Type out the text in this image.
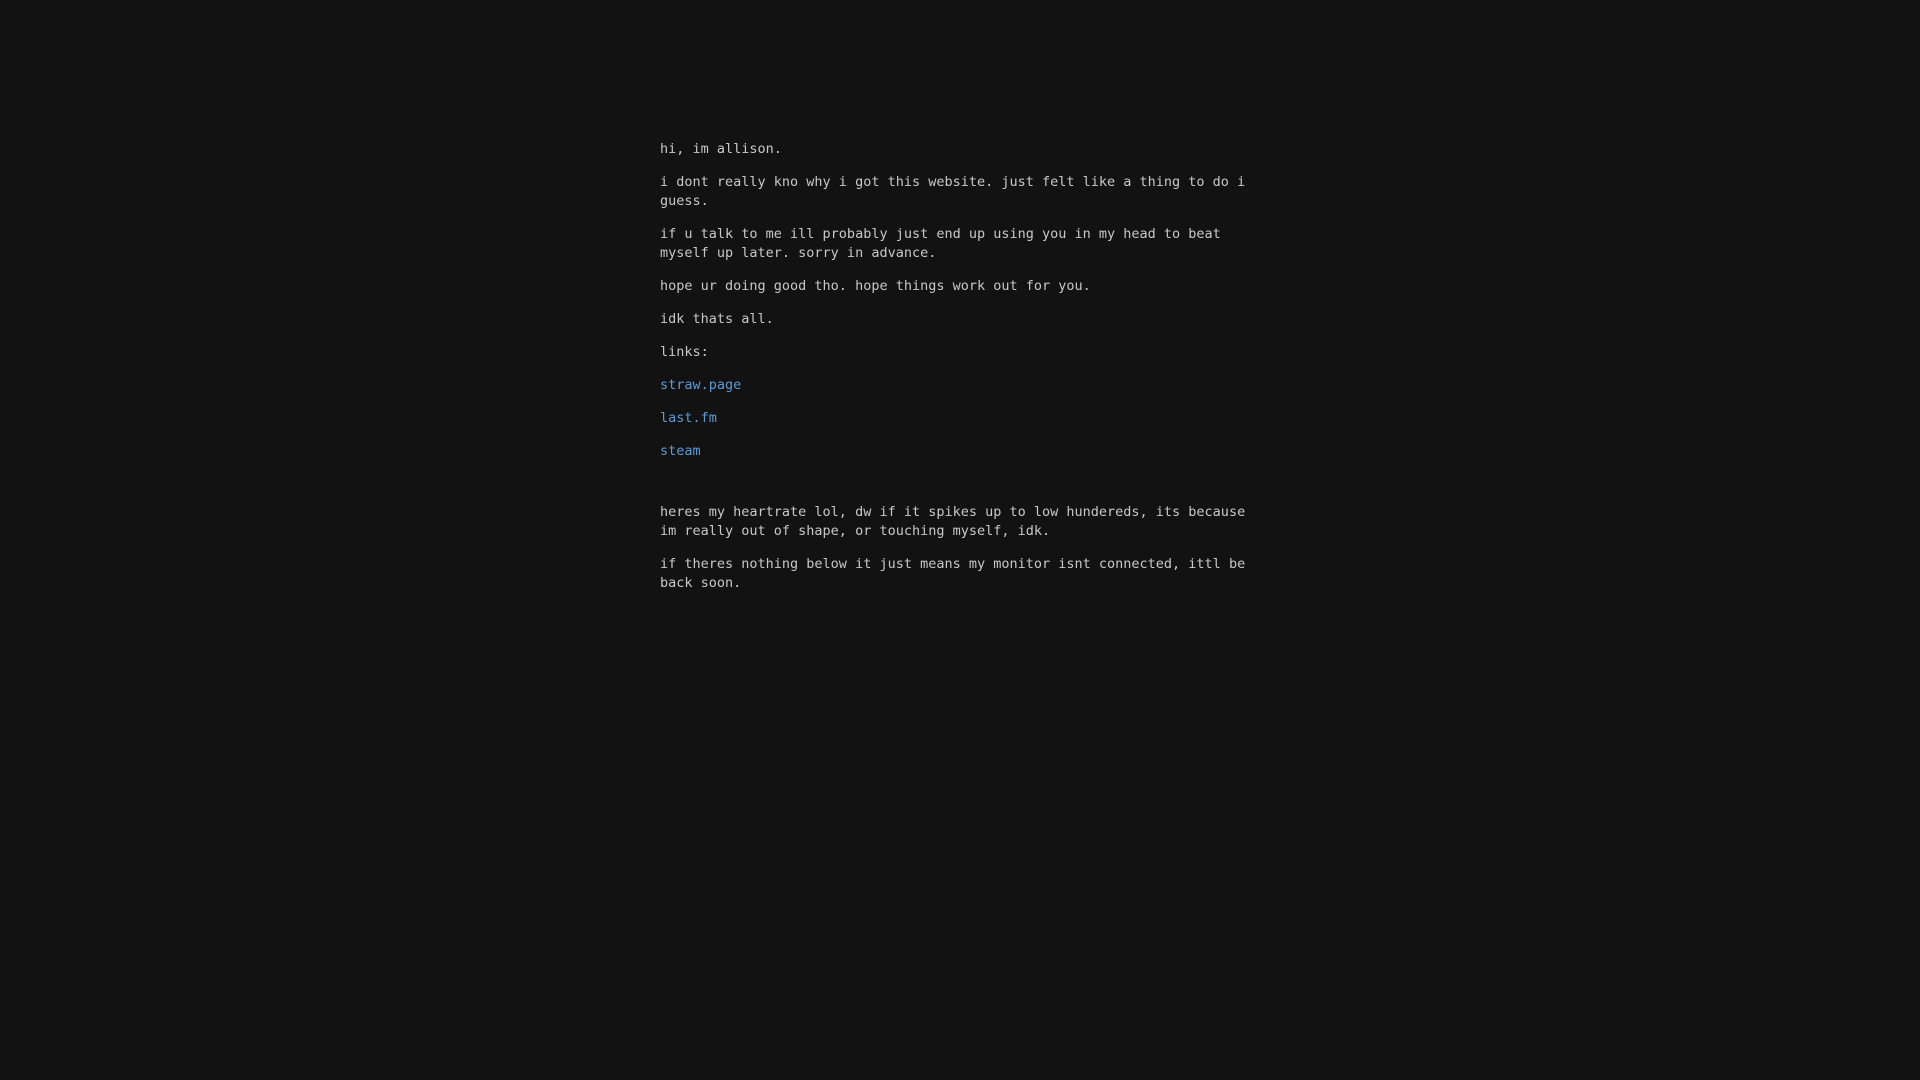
hi, im allison.

i dont really kno why i got this website. just felt like a thing to do i guess.

if u talk to me ill probably just end up using you in my head to beat myself up later. sorry in advance.

hope ur doing good tho. hope things work out for you.

idk thats all.

links:

straw.page

last.fm

steam

heres my heartrate lol, dw if it spikes up to low hundereds, its because im really out of shape, or touching myself, idk.

if theres nothing below it just means my monitor isnt connected, ittl be back soon.
